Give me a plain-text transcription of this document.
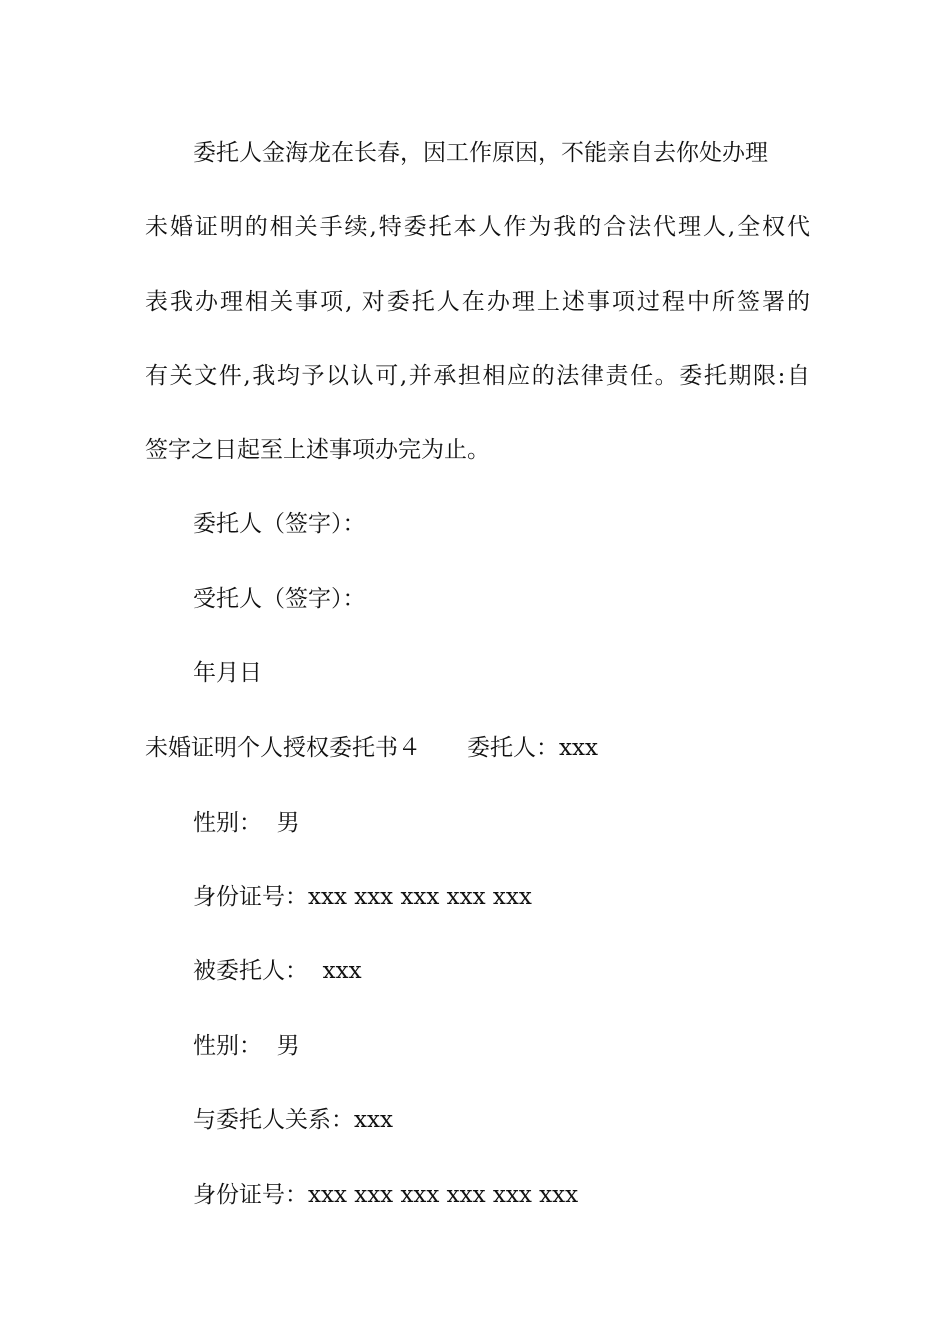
委托人金海龙在长春，因工作原因，不能亲自去你处办理
未婚证明的相关手续,特委托本人作为我的合法代理人,全权代
表我办理相关事项, 对委托人在办理上述事项过程中所签署的
有关文件,我均予以认可,并承担相应的法律责任。委托期限:自
签字之日起至上述事项办完为止。
委托人（签字）：
受托人（签字）：
年月日
未婚证明个人授权委托书４ 委托人：xxx
性别：  男
身份证号：xxx xxx xxx xxx xxx
被委托人：  xxx
性别：  男
与委托人关系：xxx
身份证号：xxx xxx xxx xxx xxx xxx
